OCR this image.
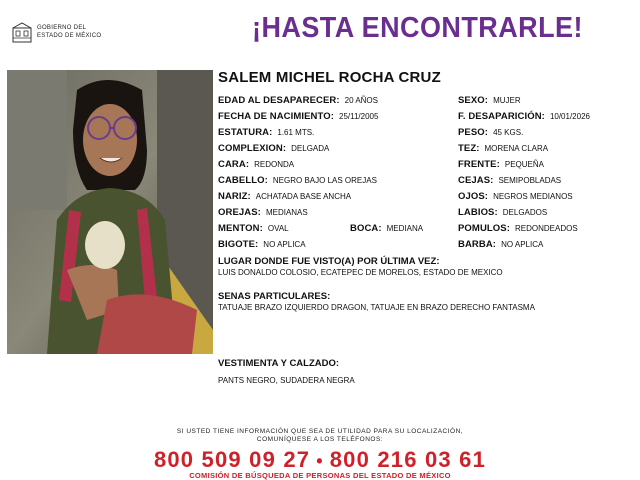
GOBIERNO DEL
ESTADO DE MÉXICO	¡HASTA ENCONTRARLE!
SALEM MICHEL ROCHA CRUZ
EDAD AL DESAPARECER: 20 AÑOS	SEXO: MUJER
FECHA DE NACIMIENTO: 25/11/2005	F. DESAPARICIÓN: 10/01/2026
ESTATURA: 1.61 MTS.	PESO: 45 KGS.
COMPLEXION: DELGADA	TEZ: MORENA CLARA
CARA: REDONDA	FRENTE: PEQUEÑA
CABELLO: NEGRO BAJO LAS OREJAS	CEJAS: SEMIPOBLADAS
NARIZ: ACHATADA BASE ANCHA	OJOS: NEGROS MEDIANOS
OREJAS: MEDIANAS	LABIOS: DELGADOS
MENTON: OVAL	BOCA: MEDIANA	POMULOS: REDONDEADOS
BIGOTE: NO APLICA	BARBA: NO APLICA
LUGAR DONDE FUE VISTO(A) POR ÚLTIMA VEZ:
LUIS DONALDO COLOSIO, ECATEPEC DE MORELOS, ESTADO DE MEXICO
SENAS PARTICULARES:
TATUAJE BRAZO IZQUIERDO DRAGON, TATUAJE EN BRAZO DERECHO FANTASMA
VESTIMENTA Y CALZADO:
PANTS NEGRO, SUDADERA NEGRA
SI USTED TIENE INFORMACIÓN QUE SEA DE UTILIDAD PARA SU LOCALIZACIÓN,
COMUNÍQUESE A LOS TELÉFONOS:
800 509 09 27 • 800 216 03 61
COMISIÓN DE BÚSQUEDA DE PERSONAS DEL ESTADO DE MÉXICO
